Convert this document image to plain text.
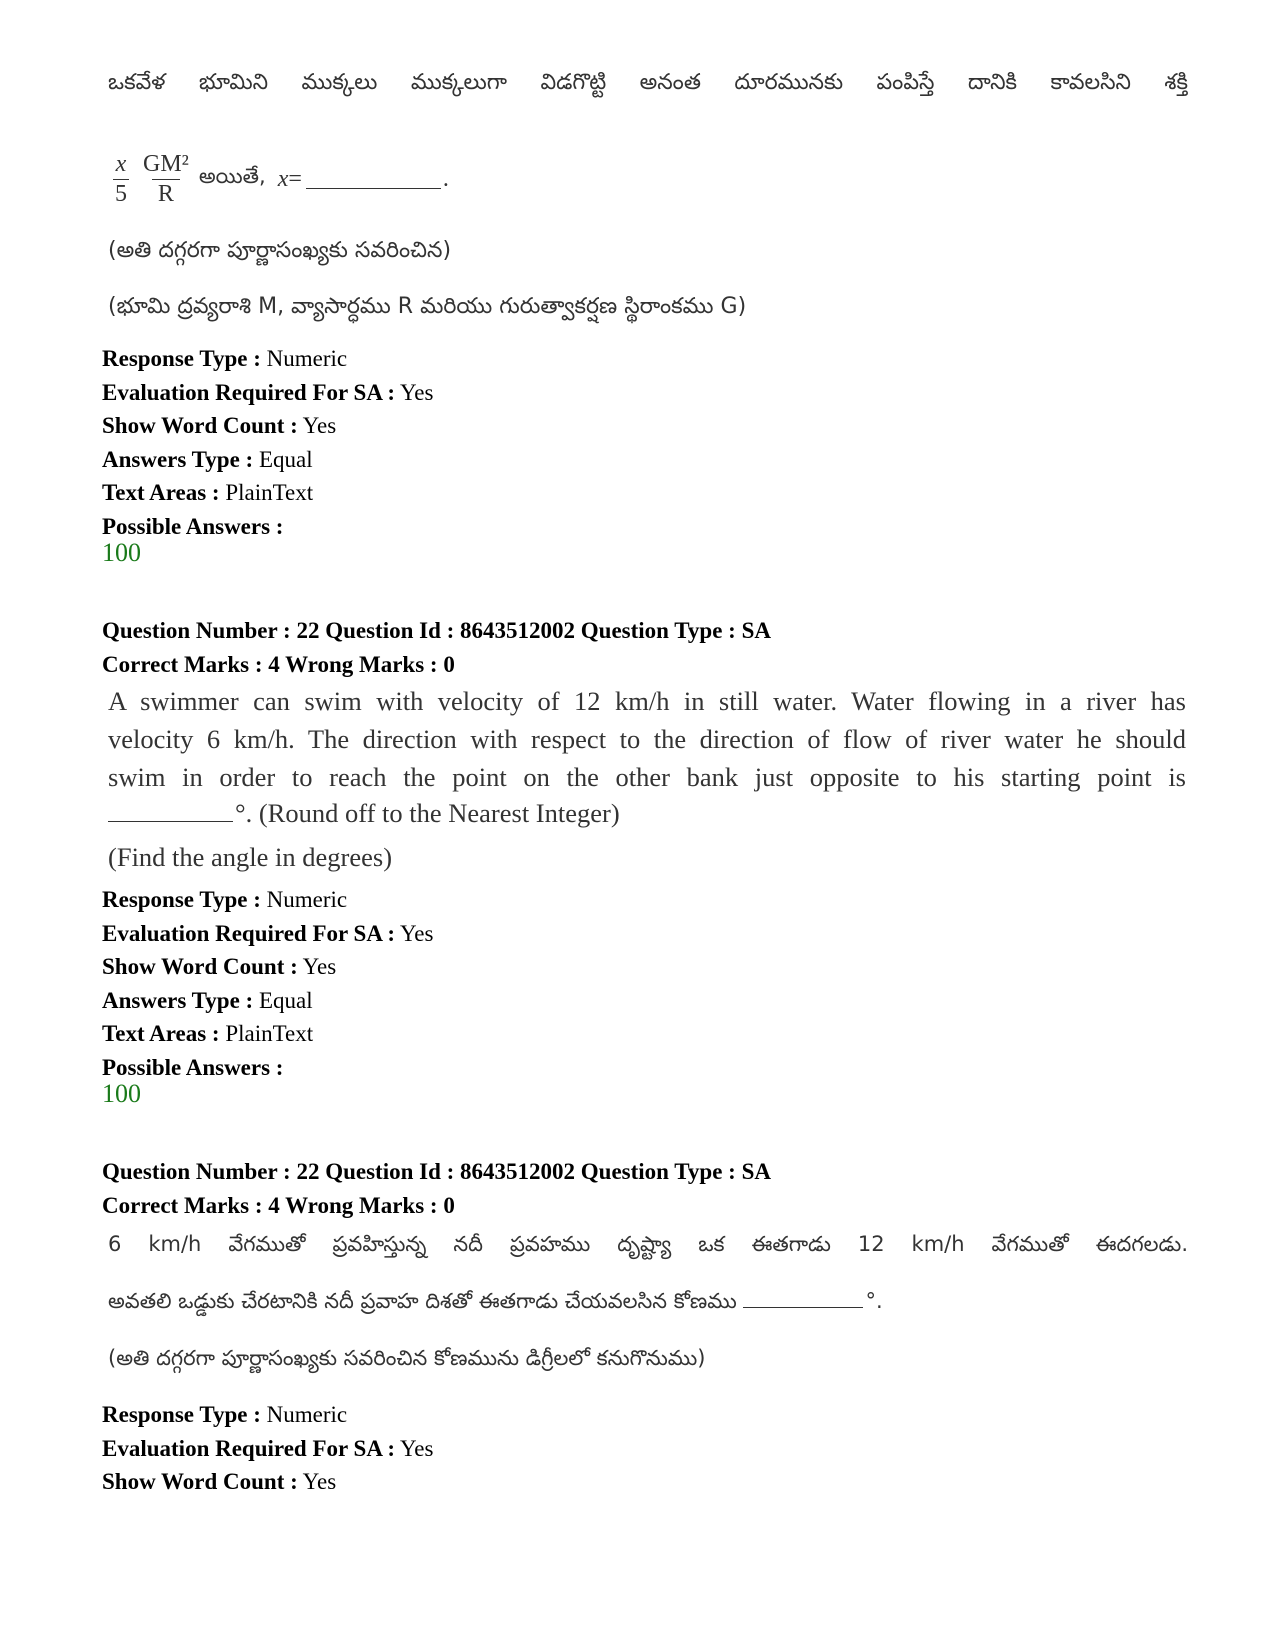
ఒకవేళ భూమిని ముక్కలు ముక్కలుగా విడగొట్టి అనంత దూరమునకు పంపిస్తే దానికి కావలసిని శక్తి
$\frac{x}{5} \frac{\text{GM²}}{R}$ అయితే, x =	.
(అతి దగ్గరగా పూర్ణాసంఖ్యకు సవరించిన)
(భూమి ద్రవ్యరాశి M, వ్యాసార్ధము R మరియు గురుత్వాకర్షణ స్థిరాంకము G)
Response Type : Numeric
Evaluation Required For SA : Yes
Show Word Count : Yes
Answers Type : Equal
Text Areas : PlainText
Possible Answers :
100
Question Number : 22 Question Id : 8643512002 Question Type : SA
Correct Marks : 4 Wrong Marks : 0
A swimmer can swim with velocity of 12 km/h in still water. Water flowing in a river has
velocity 6 km/h. The direction with respect to the direction of flow of river water he should
swim in order to reach the point on the other bank just opposite to his starting point is
°. (Round off to the Nearest Integer)
(Find the angle in degrees)
Response Type : Numeric
Evaluation Required For SA : Yes
Show Word Count : Yes
Answers Type : Equal
Text Areas : PlainText
Possible Answers :
100
Question Number : 22 Question Id : 8643512002 Question Type : SA
Correct Marks : 4 Wrong Marks : 0
6 km/h వేగముతో ప్రవహిస్తున్న నదీ ప్రవహము దృష్ట్యా ఒక ఈతగాడు 12 km/h వేగముతో ఈదగలడు.
అవతలి ఒడ్డుకు చేరటానికి నదీ ప్రవాహ దిశతో ఈతగాడు చేయవలసిన కోణము	°.
(అతి దగ్గరగా పూర్ణాసంఖ్యకు సవరించిన కోణమును డిగ్రీలలో కనుగొనుము)
Response Type : Numeric
Evaluation Required For SA : Yes
Show Word Count : Yes
